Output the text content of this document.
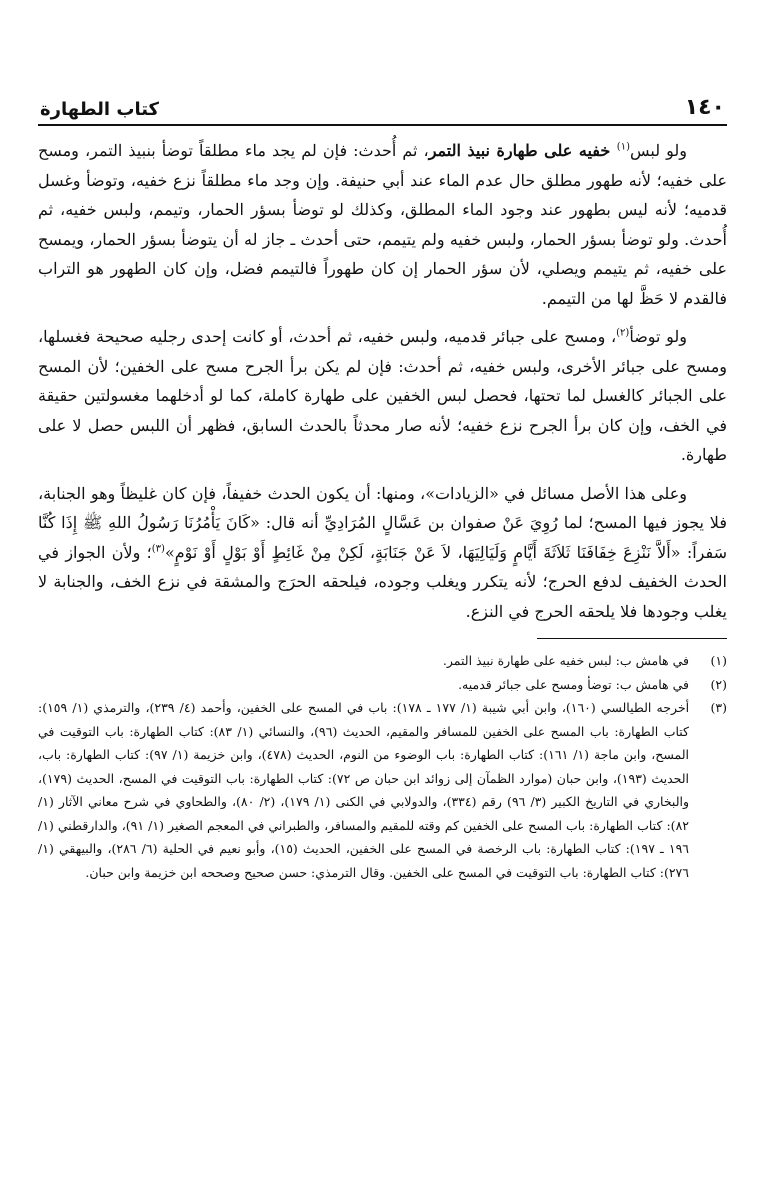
١٤٠
كتاب الطهارة

ولو لبس$^{(١)}$ خفيه على طهارة نبيذ التمر، ثم أُحدث: فإن لم يجد ماء مطلقاً توضأ بنبيذ التمر، ومسح على خفيه؛ لأنه طهور مطلق حال عدم الماء عند أبي حنيفة. وإن وجد ماء مطلقاً نزع خفيه، وتوضأ وغسل قدميه؛ لأنه ليس بطهور عند وجود الماء المطلق، وكذلك لو توضأ بسؤر الحمار، وتيمم، ولبس خفيه، ثم أُحدث. ولو توضأ بسؤر الحمار، ولبس خفيه ولم يتيمم، حتى أحدث ـ جاز له أن يتوضأ بسؤر الحمار، ويمسح على خفيه، ثم يتيمم ويصلي، لأن سؤر الحمار إن كان طهوراً فالتيمم فضل، وإن كان الطهور هو التراب فالقدم لا حَظَّ لها من التيمم.

ولو توضأ$^{(٢)}$، ومسح على جبائر قدميه، ولبس خفيه، ثم أحدث، أو كانت إحدى رجليه صحيحة فغسلها، ومسح على جبائر الأخرى، ولبس خفيه، ثم أحدث: فإن لم يكن برأ الجرح مسح على الخفين؛ لأن المسح على الجبائر كالغسل لما تحتها، فحصل لبس الخفين على طهارة كاملة، كما لو أدخلهما مغسولتين حقيقة في الخف، وإن كان برأ الجرح نزع خفيه؛ لأنه صار محدثاً بالحدث السابق، فظهر أن اللبس حصل لا على طهارة.

وعلى هذا الأصل مسائل في «الزيادات»، ومنها: أن يكون الحدث خفيفاً، فإن كان غليظاً وهو الجنابة، فلا يجوز فيها المسح؛ لما رُوِيَ عَنْ صفوان بن عَسَّالٍ المُرَادِيِّ أنه قال: «كَانَ يَأْمُرُنَا رَسُولُ اللهِ ﷺ إِذَا كُنَّا سَفراً: «أَلاَّ نَنْزِعَ خِفَافَنَا ثَلاَثَةَ أَيَّامٍ وَلَيَالِيَهَا، لاَ عَنْ جَنَابَةٍ، لَكِنْ مِنْ غَائِطٍ أَوْ بَوْلٍ أَوْ نَوْمٍ»$^{(٣)}$؛ ولأن الجواز في الحدث الخفيف لدفع الحرج؛ لأنه يتكرر ويغلب وجوده، فيلحقه الحرَج والمشقة في نزع الخف، والجنابة لا يغلب وجودها فلا يلحقه الحرج في النزع.

(١)
في هامش ب: لبس خفيه على طهارة نبيذ التمر.
(٢)
في هامش ب: توضأ ومسح على جبائر قدميه.
(٣)
أخرجه الطيالسي (١٦٠)، وابن أبي شيبة (١/ ١٧٧ ـ ١٧٨): باب في المسح على الخفين، وأحمد (٤/ ٢٣٩)، والترمذي (١/ ١٥٩): كتاب الطهارة: باب المسح على الخفين للمسافر والمقيم، الحديث (٩٦)، والنسائي (١/ ٨٣): كتاب الطهارة: باب التوقيت في المسح، وابن ماجة (١/ ١٦١): كتاب الطهارة: باب الوضوء من النوم، الحديث (٤٧٨)، وابن خزيمة (١/ ٩٧): كتاب الطهارة: باب، الحديث (١٩٣)، وابن حبان (موارد الظمآن إلى زوائد ابن حبان ص ٧٢): كتاب الطهارة: باب التوقيت في المسح، الحديث (١٧٩)، والبخاري في التاريخ الكبير (٣/ ٩٦) رقم (٣٣٤)، والدولابي في الكنى (١/ ١٧٩)، (٢/ ٨٠)، والطحاوي في شرح معاني الآثار (١/ ٨٢): كتاب الطهارة: باب المسح على الخفين كم وقته للمقيم والمسافر، والطبراني في المعجم الصغير (١/ ٩١)، والدارقطني (١/ ١٩٦ ـ ١٩٧): كتاب الطهارة: باب الرخصة في المسح على الخفين، الحديث (١٥)، وأبو نعيم في الحلية (٦/ ٢٨٦)، والبيهقي (١/ ٢٧٦): كتاب الطهارة: باب التوقيت في المسح على الخفين. وقال الترمذي: حسن صحيح وصححه ابن خزيمة وابن حبان.
